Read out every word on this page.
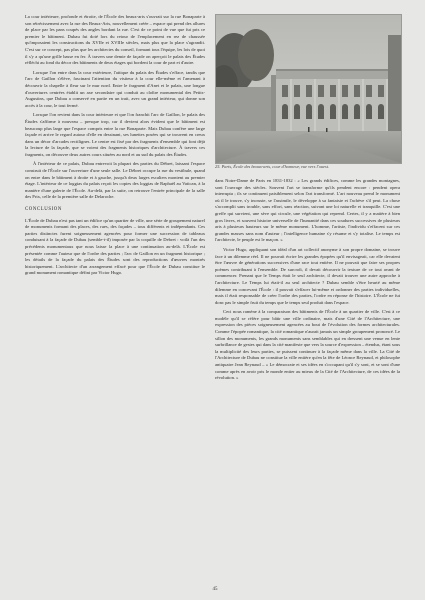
La cour intérieure, profonde et étroite, de l'École des beaux-arts s'ouvrait sur la rue Bonaparte à son rétrécissement avec la rue des Beaux-Arts, nouvellement créée – espace qui prend des allures de place par les pans coupés des angles bordant la rue. C'est de ce point de vue que fut pris ce premier le bâtiment. Dubau fut doté lors du retour de l'emplacement en rez de chaussée qu'imposaient les constructions du XVIIe et XVIIIe siècles, mais plus que la place s'agrandit. C'est sur ce concept, pas plus que les architectes du conseil, formant tous l'équipe, les lois de quoi il s'y a qu'une grille basse en fer. À travers une demie de façade on aperçoit le palais des Études réfléchi au fond du décor des bâtiments de deux étages qui bordent la cour de part et d'autre.

Lorsque l'on entre dans la cour extérieure, l'attique du palais des Études s'efface, tandis que l'arc de Gaillon s'élève, fascinant l'attention du visiteur à la cour elle-même et l'amenant à découvrir la chapelle à fleur sur le mur nord. Entre le fragment d'Anet et le palais, une longue d'ouvertures centrées établit un axe secondaire qui conduit au cloître monumental des Petits-Augustins, que Dubau a conservé en partie en un trait, avec un grand intérieur, qui donne son accès à la cour, le tout fermé.

Lorsque l'on revient dans la cour intérieure et que l'on franchit l'arc de Gaillon, le palais des Études s'affirme à nouveau – presque trop, car il devient alors évident que le bâtiment est beaucoup plus large que l'espace compris entre la rue Bonaparte. Mais Dubau confère une large façade et arrive le regard autour d'elle en dessinant, ses lunettes posées qui se trouvent en creux dans un décor d'arcades rectilignes. Le centre est fixé par des fragments d'ensemble qui font déjà la lecture de la façade, que se voient des fragments historiques d'architecture. À travers ces fragments, on découvre deux autres cours situées au nord et au sud du palais des Études.

À l'intérieur de ce palais, Dubau entrevoit la plupart des parties du Débret, laissant l'espace construit de l'École sur l'ouverture d'une seule salle. Le Débret occupe la rue du vestibule, quand on entre dans le bâtiment à droite et à gauche, jusqu'à deux larges escaliers montent au premier étage. L'intérieur de ce loggias du palais reçoit les copies des loggias de Raphaël au Vatican, à la manière d'une galerie de l'École. Au-delà, par la suite, on retrouve l'entrée principale de la salle des Prix, celle de la première salle de Delaroche.

CONCLUSION

L'École de Dubau n'est pas tant un édifice qu'un quartier de ville, une série de groupement naturel de monuments formant des places, des rues, des façades – tous différents et indépendants. Ces parties distinctes furent soigneusement agencées pour former une succession de tableaux conduisant à la façade de Dubau (semble-t-il) imposée par la coquille de Debret : voilà l'un des précédents monumentaux que nous laisse la place à une continuation au-delà. L'École est présentée comme l'auteur que de l'ordre des parties ; l'arc de Gaillon en un fragment historique ; les détails de la façade du palais des Études sont des reproductions d'œuvres montrés historiquement. L'architecte d'un arrangement effacé pour que l'École de Dubau constitue le grand monument romantique défini par Victor Hugo.

25. Paris, École des beaux-arts, cour d'honneur, vue vers l'ouest.

dans Notre-Dame de Paris en 1831-1832 : « Les grands édifices, comme les grandes montagnes, sont l'ouvrage des siècles. Souvent l'art se transforme qu'ils pendent encore : pendent opera interrupta ; ils se continuent paisiblement selon l'art transformé. L'art nouveau prend le monument où il le trouve, s'y incruste, se l'assimile, le développe à sa fantaisie et l'achève s'il peut. La chose s'accomplit sans trouble, sans effort, sans réaction, suivant une loi naturelle et tranquille. C'est une greffe qui survient, une sève qui circule, une végétation qui reprend. Certes, il y a matière à bien gros livres, et souvent histoire universelle de l'humanité dans ces soudures successives de plusieurs arts à plusieurs hauteurs sur le même monument. L'homme, l'artiste, l'individu s'effacent sur ces grandes masses sans nom d'auteur ; l'intelligence humaine s'y résume et s'y totalise. Le temps est l'architecte, le peuple est le maçon. »

Victor Hugo, appliquant son idéal d'un art collectif anonyme à son propre domaine, se trouve face à un dilemme réel. Il ne pouvait écrire les grandes épopées qu'il envisageait, car elle devaient être l'œuvre de générations successives d'une race tout entière. Il ne pouvait que faire ses propres poèmes contribuant à l'ensemble. De surcroît, il devait découvrir la texture de ce tout avant de commencer. Prenant que le Temps était le seul architecte, il devait trouver une autre approche à l'architecture. Le Temps lui était-il au seul architecte ? Dubau semble s'être heurté au même dilemme en concevant l'École : il pouvait s'effacer lui-même et ordonner des parties individuelles, mais il était responsable de créer l'ordre des parties, l'ordre en réponse de l'histoire. L'École ne fut donc pas le simple fruit du temps que le temps seul produit dans l'espace.

Ceci nous ramène à la comparaison des bâtiments de l'École à un quartier de ville. C'est à ce modèle qu'il se réfère pour bâtir une ville ordinaire, mais d'une Cité de l'Architecture, une expression des pièces soigneusement agencées au bout de l'évolution des formes architecturales. Comme l'épopée romantique, la cité romantique n'aurait jamais un simple groupement prononcé. Le sillon des monuments, les grands monuments sans semblables qui en dressent une venue en lente surbrillance de gestes qui dans la cité manifeste que vers la source d'expression – étendus, étant sous la multiplicité des leurs parties, se puissent continuer à la façade même dans la ville. La Cité de l'Architecture de Dubau ne constitue la ville entière qu'en la fête de Léonce Reynaud, et philosophe antiquaire Jean Reynaud – « Le démocrate et ses idées en s'occupant qu'il s'y sont, et se sont d'une comme après en avoir pris le monde entier au mieux de la Cité de l'Architecture, de ces idées de la révolution. »

45
